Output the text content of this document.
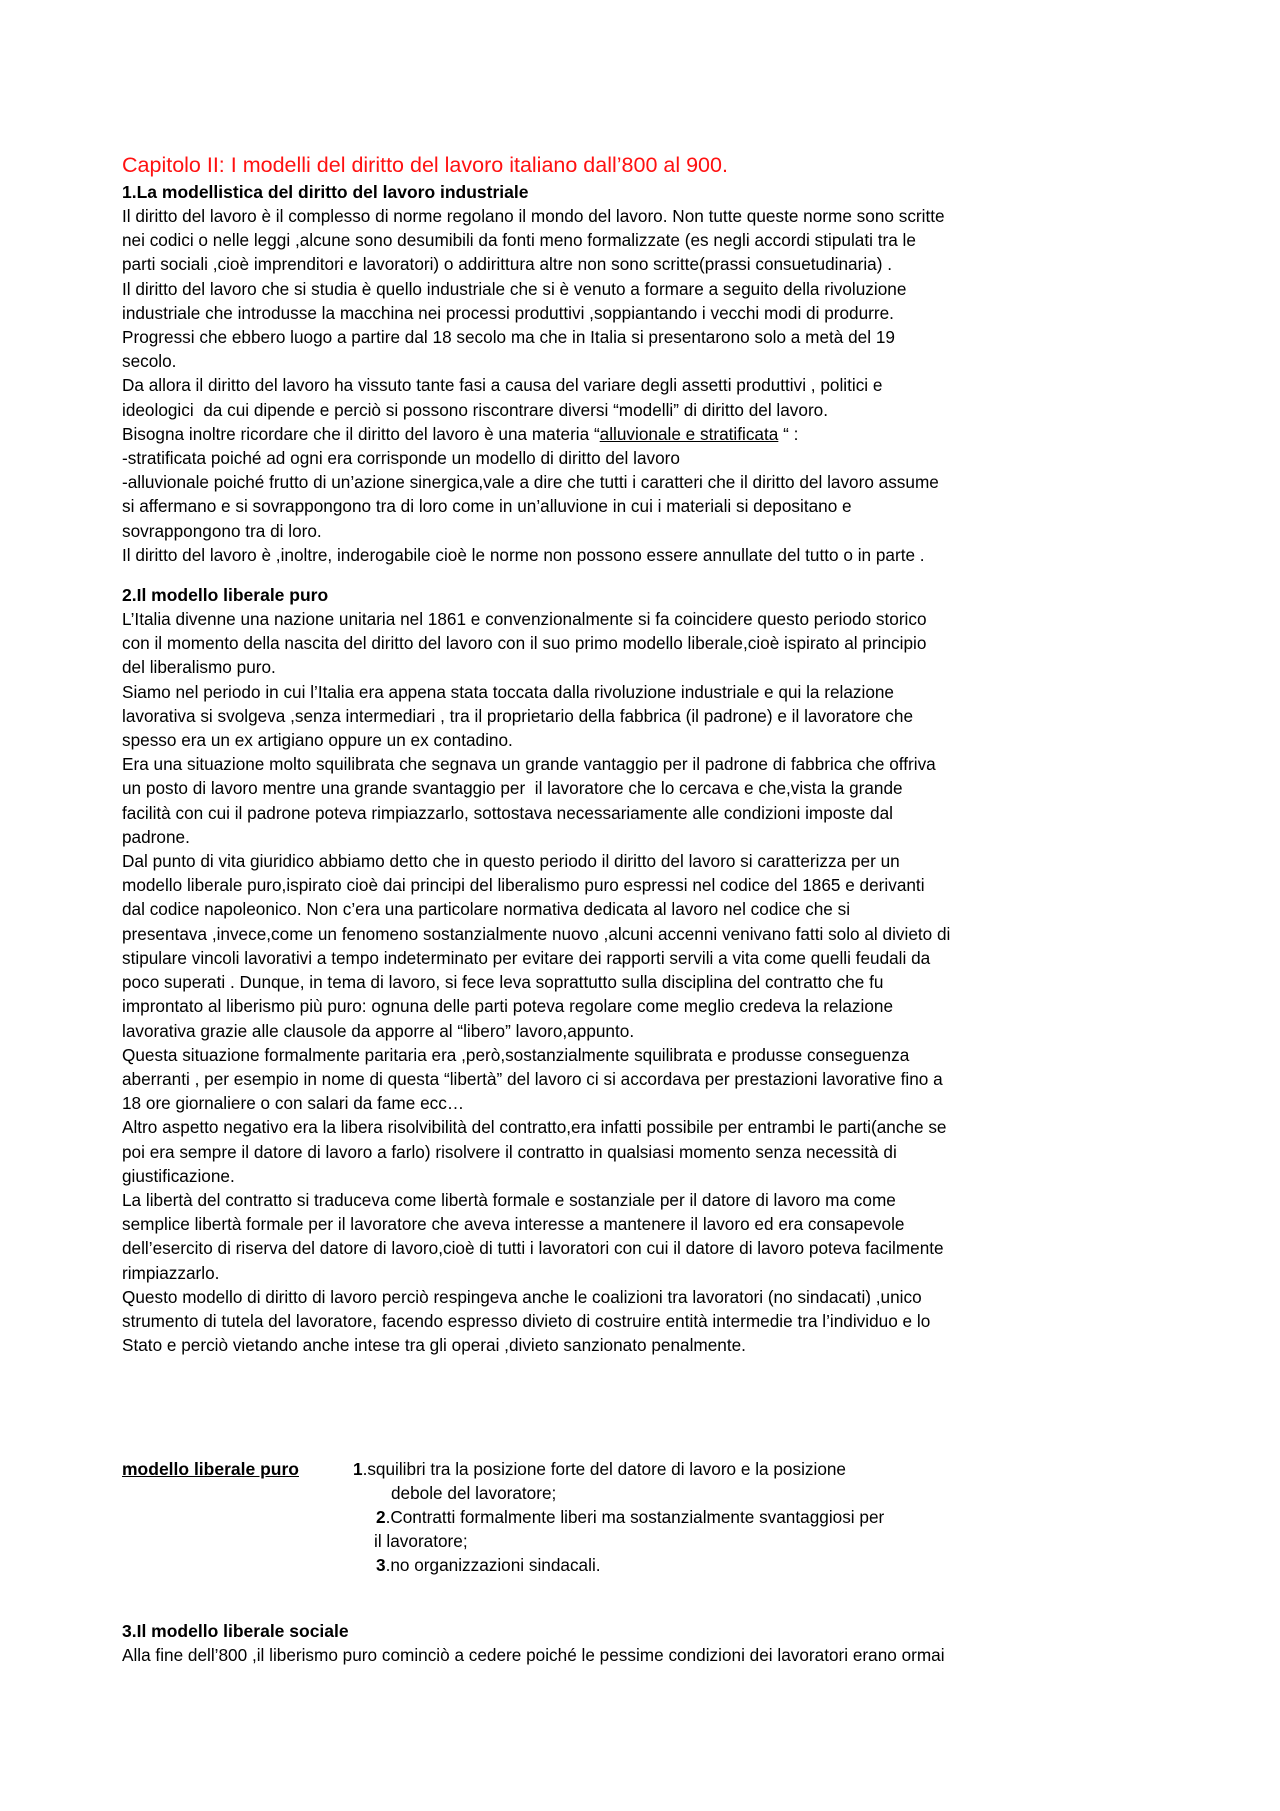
Capitolo II: I modelli del diritto del lavoro italiano dall’800 al 900.
1.La modellistica del diritto del lavoro industriale
Il diritto del lavoro è il complesso di norme regolano il mondo del lavoro. Non tutte queste norme sono scritte
nei codici o nelle leggi ,alcune sono desumibili da fonti meno formalizzate (es negli accordi stipulati tra le
parti sociali ,cioè imprenditori e lavoratori) o addirittura altre non sono scritte(prassi consuetudinaria) .
Il diritto del lavoro che si studia è quello industriale che si è venuto a formare a seguito della rivoluzione
industriale che introdusse la macchina nei processi produttivi ,soppiantando i vecchi modi di produrre.
Progressi che ebbero luogo a partire dal 18 secolo ma che in Italia si presentarono solo a metà del 19
secolo.
Da allora il diritto del lavoro ha vissuto tante fasi a causa del variare degli assetti produttivi , politici e
ideologici  da cui dipende e perciò si possono riscontrare diversi “modelli” di diritto del lavoro.
Bisogna inoltre ricordare che il diritto del lavoro è una materia “alluvionale e stratificata “ :
-stratificata poiché ad ogni era corrisponde un modello di diritto del lavoro
-alluvionale poiché frutto di un’azione sinergica,vale a dire che tutti i caratteri che il diritto del lavoro assume
si affermano e si sovrappongono tra di loro come in un’alluvione in cui i materiali si depositano e
sovrappongono tra di loro.
Il diritto del lavoro è ,inoltre, inderogabile cioè le norme non possono essere annullate del tutto o in parte .
2.Il modello liberale puro
L’Italia divenne una nazione unitaria nel 1861 e convenzionalmente si fa coincidere questo periodo storico
con il momento della nascita del diritto del lavoro con il suo primo modello liberale,cioè ispirato al principio
del liberalismo puro.
Siamo nel periodo in cui l’Italia era appena stata toccata dalla rivoluzione industriale e qui la relazione
lavorativa si svolgeva ,senza intermediari , tra il proprietario della fabbrica (il padrone) e il lavoratore che
spesso era un ex artigiano oppure un ex contadino.
Era una situazione molto squilibrata che segnava un grande vantaggio per il padrone di fabbrica che offriva
un posto di lavoro mentre una grande svantaggio per  il lavoratore che lo cercava e che,vista la grande
facilità con cui il padrone poteva rimpiazzarlo, sottostava necessariamente alle condizioni imposte dal
padrone.
Dal punto di vita giuridico abbiamo detto che in questo periodo il diritto del lavoro si caratterizza per un
modello liberale puro,ispirato cioè dai principi del liberalismo puro espressi nel codice del 1865 e derivanti
dal codice napoleonico. Non c’era una particolare normativa dedicata al lavoro nel codice che si
presentava ,invece,come un fenomeno sostanzialmente nuovo ,alcuni accenni venivano fatti solo al divieto di
stipulare vincoli lavorativi a tempo indeterminato per evitare dei rapporti servili a vita come quelli feudali da
poco superati . Dunque, in tema di lavoro, si fece leva soprattutto sulla disciplina del contratto che fu
improntato al liberismo più puro: ognuna delle parti poteva regolare come meglio credeva la relazione
lavorativa grazie alle clausole da apporre al “libero” lavoro,appunto.
Questa situazione formalmente paritaria era ,però,sostanzialmente squilibrata e produsse conseguenza
aberranti , per esempio in nome di questa “libertà” del lavoro ci si accordava per prestazioni lavorative fino a
18 ore giornaliere o con salari da fame ecc…
Altro aspetto negativo era la libera risolvibilità del contratto,era infatti possibile per entrambi le parti(anche se
poi era sempre il datore di lavoro a farlo) risolvere il contratto in qualsiasi momento senza necessità di
giustificazione.
La libertà del contratto si traduceva come libertà formale e sostanziale per il datore di lavoro ma come
semplice libertà formale per il lavoratore che aveva interesse a mantenere il lavoro ed era consapevole
dell’esercito di riserva del datore di lavoro,cioè di tutti i lavoratori con cui il datore di lavoro poteva facilmente
rimpiazzarlo.
Questo modello di diritto di lavoro perciò respingeva anche le coalizioni tra lavoratori (no sindacati) ,unico
strumento di tutela del lavoratore, facendo espresso divieto di costruire entità intermedie tra l’individuo e lo
Stato e perciò vietando anche intese tra gli operai ,divieto sanzionato penalmente.
modello liberale puro	1.squilibri tra la posizione forte del datore di lavoro e la posizione
debole del lavoratore;
2.Contratti formalmente liberi ma sostanzialmente svantaggiosi per
il lavoratore;
3.no organizzazioni sindacali.
3.Il modello liberale sociale
Alla fine dell’800 ,il liberismo puro cominciò a cedere poiché le pessime condizioni dei lavoratori erano ormai
